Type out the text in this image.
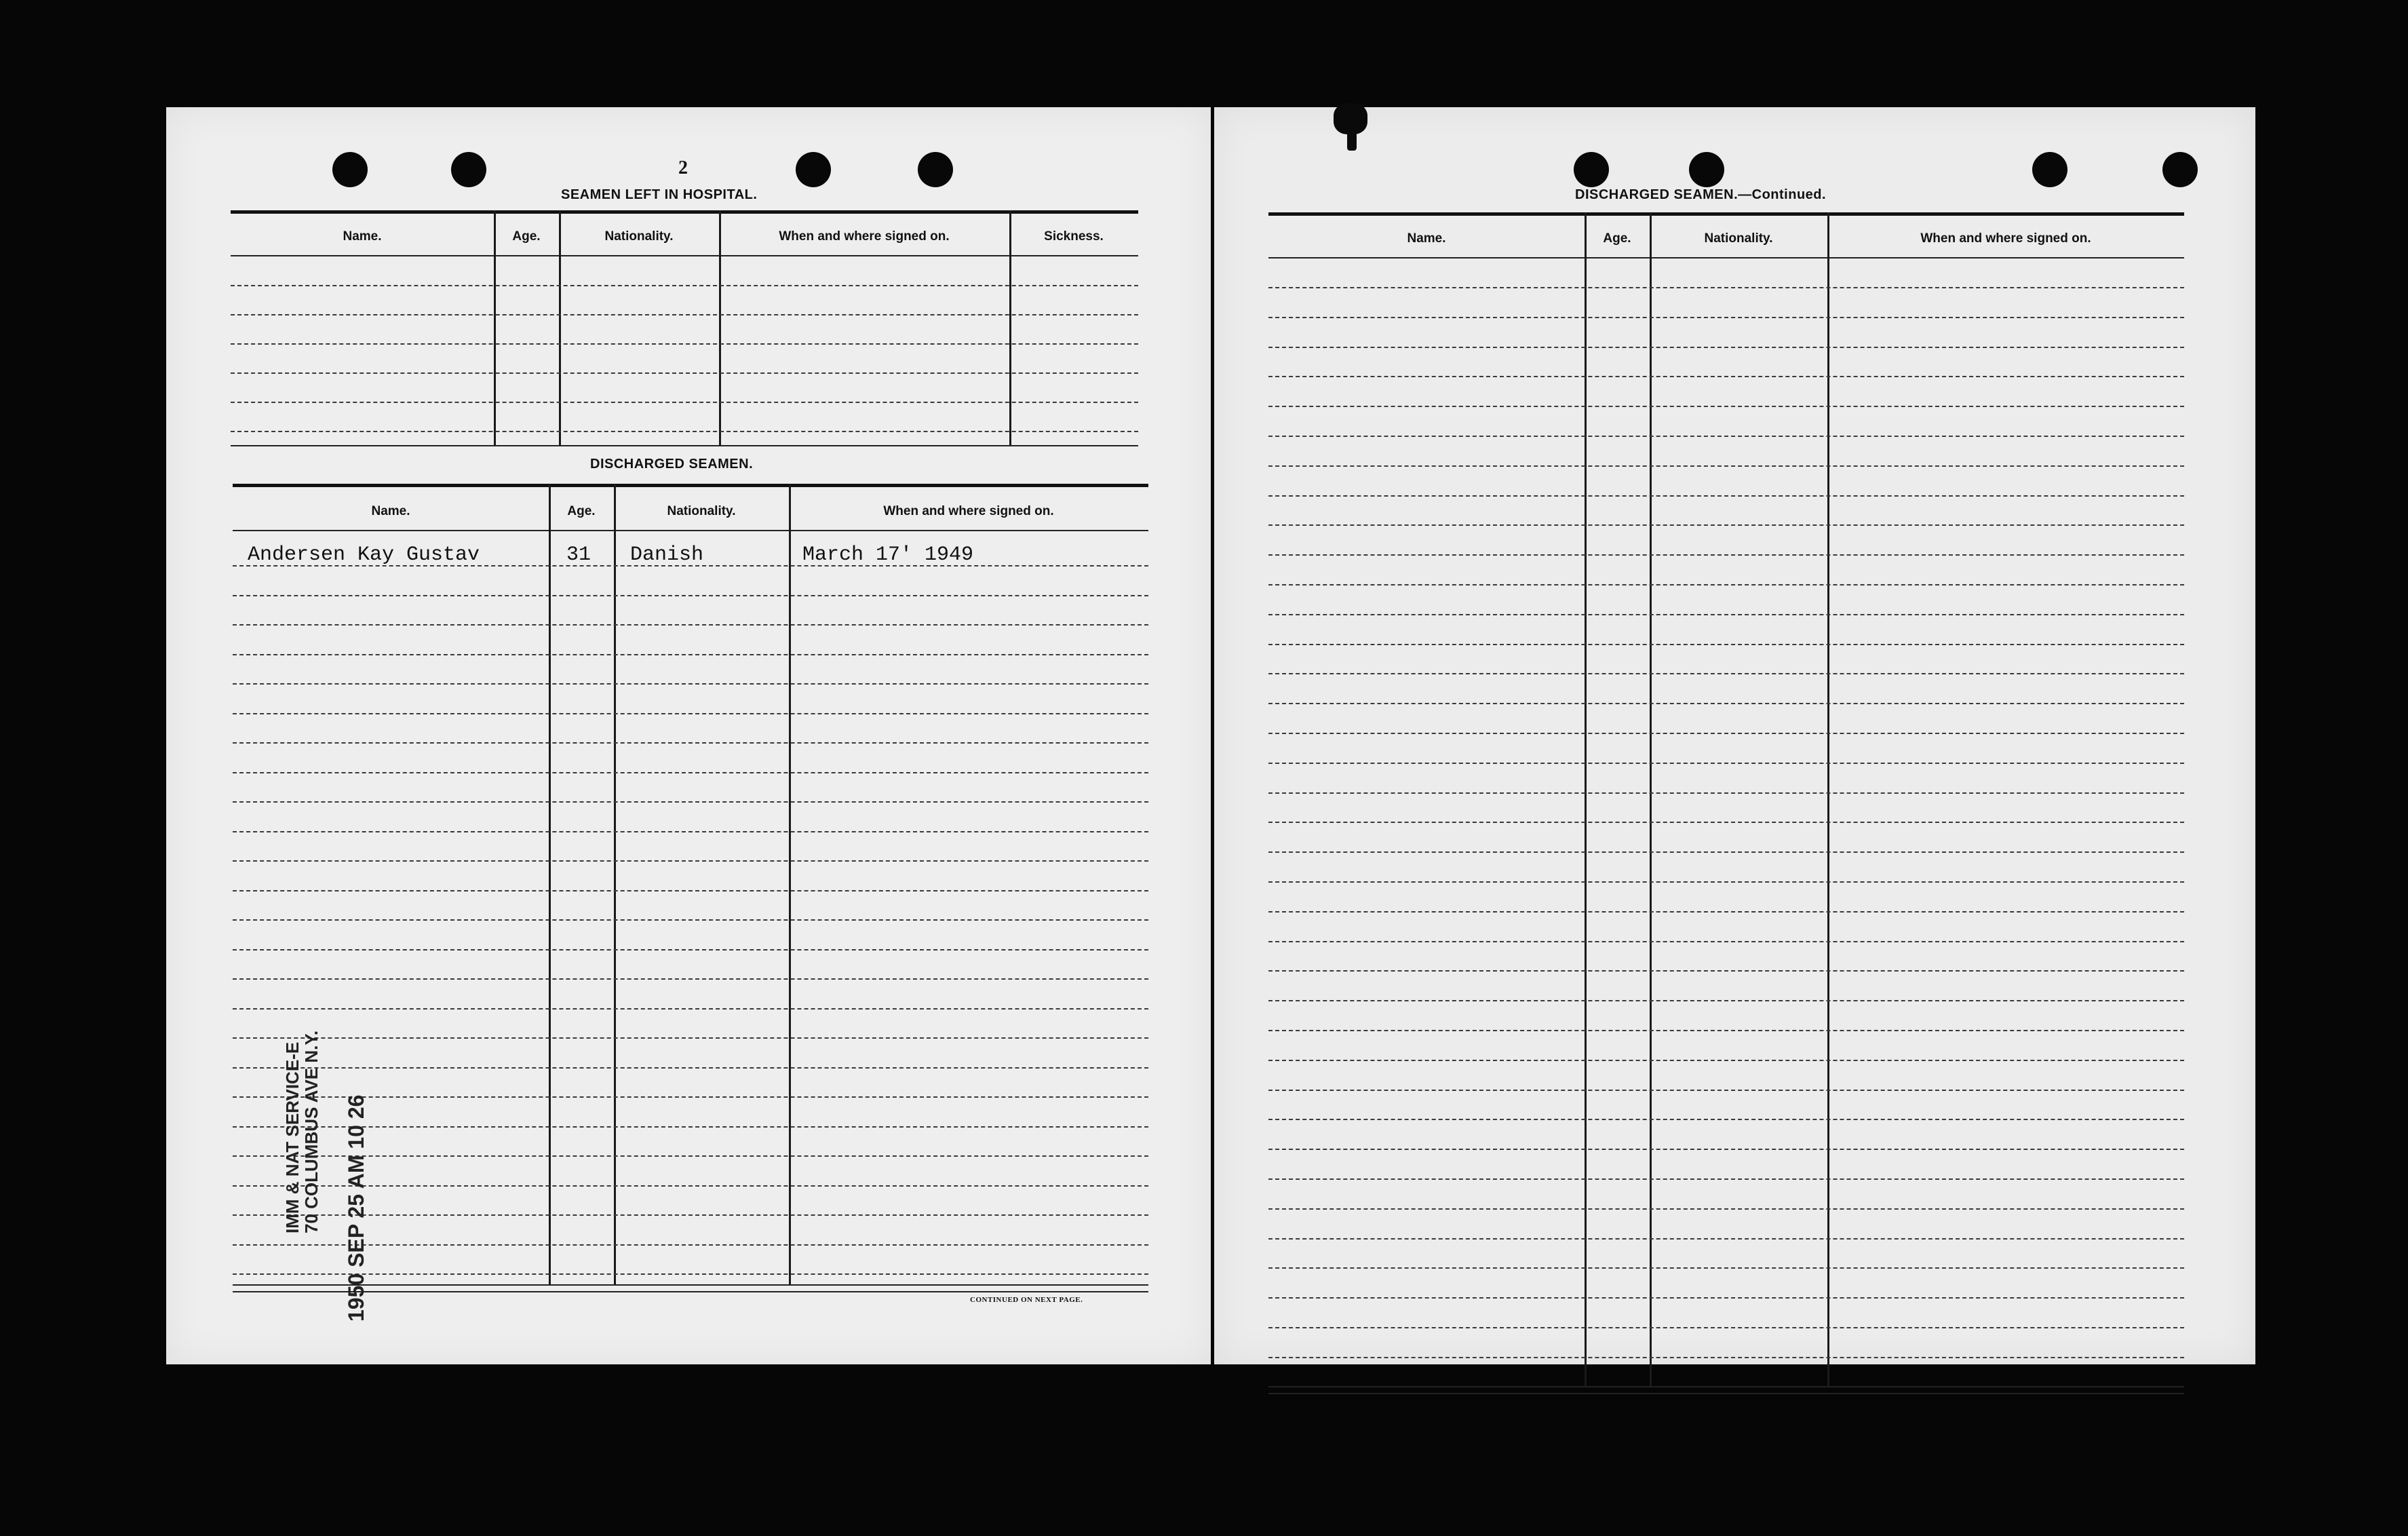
2
SEAMEN LEFT IN HOSPITAL.
Name.	Age.	Nationality.	When and where signed on.	Sickness.
DISCHARGED SEAMEN.
Name.	Age.	Nationality.	When and where signed on.
Andersen Kay Gustav	31 Danish	March 17' 1949
IMM & NAT SERVICE-E
70 COLUMBUS AVE N.Y. 1950 SEP 25 AM 10 26	CONTINUED ON NEXT PAGE.
DISCHARGED SEAMEN.—Continued.
Name.	Age.	Nationality.	When and where signed on.
